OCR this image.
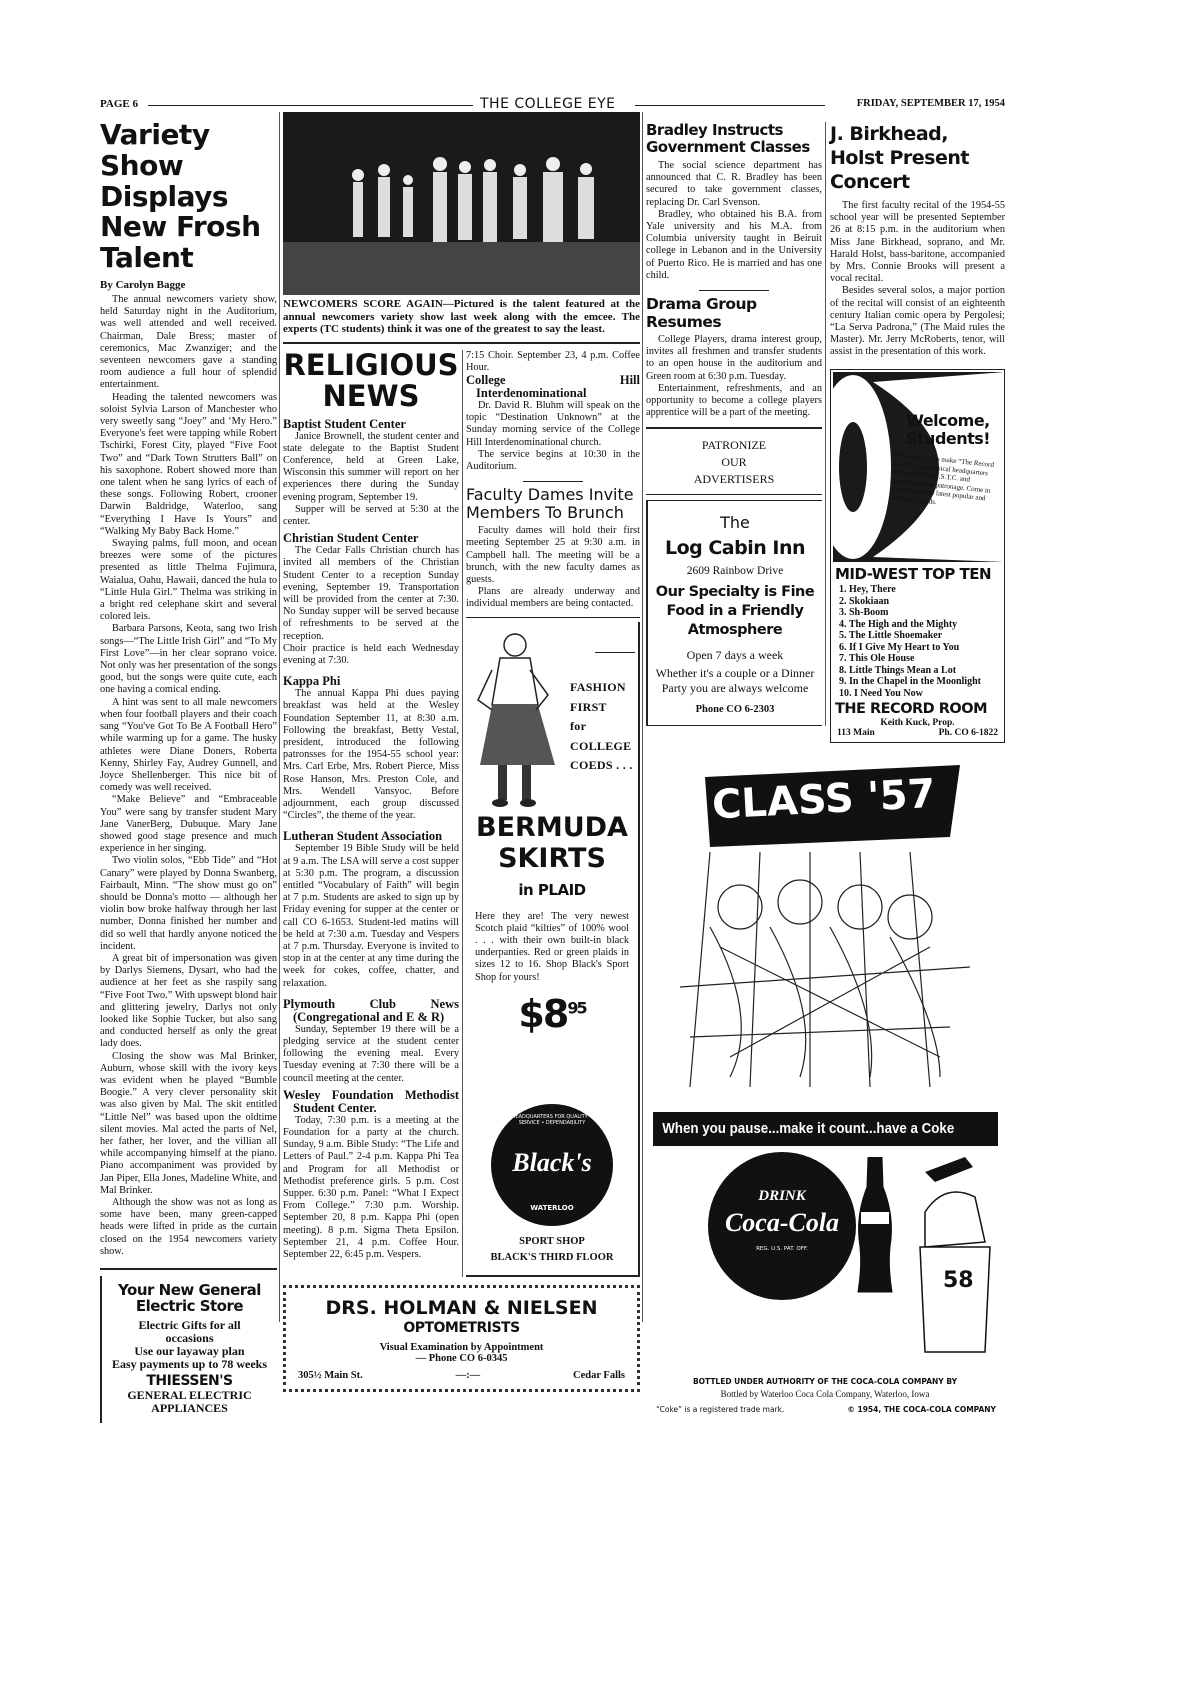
PAGE 6	THE COLLEGE EYE	FRIDAY, SEPTEMBER 17, 1954
Variety Show Displays New Frosh Talent
By Carolyn Bagge

The annual newcomers variety show, held Saturday night in the Auditorium, was well attended and well received. Chairman, Dale Bress; master of ceremonics, Mac Zwanziger; and the seventeen newcomers gave a standing room audience a full hour of splendid entertainment.

Heading the talented newcomers was soloist Sylvia Larson of Manchester who very sweetly sang “Joey” and ‘My Hero.” Everyone's feet were tapping while Robert Tschirki, Forest City, played “Five Foot Two” and “Dark Town Strutters Ball” on his saxophone. Robert showed more than one talent when he sang lyrics of each of these songs. Following Robert, crooner Darwin Baldridge, Waterloo, sang “Everything I Have Is Yours” and “Walking My Baby Back Home.”

Swaying palms, full moon, and ocean breezes were some of the pictures presented as little Thelma Fujimura, Waialua, Oahu, Hawaii, danced the hula to “Little Hula Girl.” Thelma was striking in a bright red celephane skirt and several colored leis.

Barbara Parsons, Keota, sang two Irish songs—“The Little Irish Girl” and “To My First Love”—in her clear soprano voice. Not only was her presentation of the songs good, but the songs were quite cute, each one having a comical ending.

A hint was sent to all male newcomers when four football players and their coach sang “You've Got To Be A Football Hero” while warming up for a game. The husky athletes were Diane Doners, Roberta Kenny, Shirley Fay, Audrey Gunnell, and Joyce Shellenberger. This nice bit of comedy was well received.

“Make Believe” and “Embraceable You” were sang by transfer student Mary Jane VanerBerg, Dubuque. Mary Jane showed good stage presence and much experience in her singing.

Two violin solos, “Ebb Tide” and “Hot Canary” were played by Donna Swanberg, Fairbault, Minn. “The show must go on” should be Donna's motto — although her violin bow broke halfway through her last number, Donna finished her number and did so well that hardly anyone noticed the incident.

A great bit of impersonation was given by Darlys Siemens, Dysart, who had the audience at her feet as she raspily sang “Five Foot Two.” With upswept blond hair and glittering jewelry, Darlys not only looked like Sophie Tucker, but also sang and conducted herself as only the great lady does.

Closing the show was Mal Brinker, Auburn, whose skill with the ivory keys was evident when he played “Bumble Boogie.” A very clever personality skit was also given by Mal. The skit entitled “Little Nel” was based upon the oldtime silent movies. Mal acted the parts of Nel, her father, her lover, and the villian all while accompanying himself at the piano. Piano accompaniment was provided by Jan Piper, Ella Jones, Madeline White, and Mal Brinker.

Although the show was not as long as some have been, many green-capped heads were lifted in pride as the curtain closed on the 1954 newcomers variety show.

Your New General Electric Store
Electric Gifts for all occasions
Use our layaway plan
Easy payments up to 78 weeks
THIESSEN'S
GENERAL ELECTRIC APPLIANCES
NEWCOMERS SCORE AGAIN—Pictured is the talent featured at the annual newcomers variety show last week along with the emcee. The experts (TC students) think it was one of the greatest to say the least.
RELIGIOUS NEWS
Baptist Student Center

Janice Brownell, the student center and state delegate to the Baptist Student Conference, held at Green Lake, Wisconsin this summer will report on her experiences there during the Sunday evening program, September 19.

Supper will be served at 5:30 at the center.

Christian Student Center

The Cedar Falls Christian church has invited all members of the Christian Student Center to a reception Sunday evening, September 19. Transportation will be provided from the center at 7:30. No Sunday supper will be served because of refreshments to be served at the reception.

Choir practice is held each Wednesday evening at 7:30.

Kappa Phi

The annual Kappa Phi dues paying breakfast was held at the Wesley Foundation September 11, at 8:30 a.m. Following the breakfast, Betty Vestal, president, introduced the following patronsses for the 1954-55 school year: Mrs. Carl Erbe, Mrs. Robert Pierce, Miss Rose Hanson, Mrs. Preston Cole, and Mrs. Wendell Vansyoc. Before adjournment, each group discussed “Circles”, the theme of the year.

Lutheran Student Association

September 19 Bible Study will be held at 9 a.m. The LSA will serve a cost supper at 5:30 p.m. The program, a discussion entitled “Vocabulary of Faith” will begin at 7 p.m. Students are asked to sign up by Friday evening for supper at the center or call CO 6-1653. Student-led matins will be held at 7:30 a.m. Tuesday and Vespers at 7 p.m. Thursday. Everyone is invited to stop in at the center at any time during the week for cokes, coffee, chatter, and relaxation.

Plymouth Club News (Congregational and E & R)

Sunday, September 19 there will be a pledging service at the student center following the evening meal. Every Tuesday evening at 7:30 there will be a council meeting at the center.

Wesley Foundation Methodist Student Center.

Today, 7:30 p.m. is a meeting at the Foundation for a party at the church. Sunday, 9 a.m. Bible Study: “The Life and Letters of Paul.” 2-4 p.m. Kappa Phi Tea and Program for all Methodist or Methodist preference girls. 5 p.m. Cost Supper. 6:30 p.m. Panel: “What I Expect From College.” 7:30 p.m. Worship. September 20, 8 p.m. Kappa Phi (open meeting). 8 p.m. Sigma Theta Epsilon. September 21, 4 p.m. Coffee Hour. September 22, 6:45 p.m. Vespers.

7:15 Choir. September 23, 4 p.m. Coffee Hour.

College Hill Interdenominational

Dr. David R. Bluhm will speak on the topic “Destination Unknown” at the Sunday morning service of the College Hill Interdenominational church.

The service begins at 10:30 in the Auditorium.

Faculty Dames Invite Members To Brunch

Faculty dames will hold their first meeting September 25 at 9:30 a.m. in Campbell hall. The meeting will be a brunch, with the new faculty dames as guests.

Plans are already underway and individual members are being contacted.

FASHION
FIRST
for
COLLEGE
COEDS . . .
BERMUDA SKIRTS
in PLAID
Here they are! The very newest Scotch plaid “kilties” of 100% wool . . . with their own built-in black underpanties. Red or green plaids in sizes 12 to 16. Shop Black's Sport Shop for yours!
$\$8^{95}$
HEADQUARTERS FOR QUALITY • SERVICE • DEPENDABILITY
Black's
WATERLOO
SPORT SHOP
BLACK'S THIRD FLOOR
DRS. HOLMAN & NIELSEN
OPTOMETRISTS
Visual Examination by Appointment
— Phone CO 6-0345
305½ Main St.	—:—	Cedar Falls
Bradley Instructs Government Classes

The social science department has announced that C. R. Bradley has been secured to take government classes, replacing Dr. Carl Svenson.

Bradley, who obtained his B.A. from Yale university and his M.A. from Columbia university taught in Beiruit college in Lebanon and in the University of Puerto Rico. He is married and has one child.

Drama Group Resumes

College Players, drama interest group, invites all freshmen and transfer students to an open house in the auditorium and Green room at 6:30 p.m. Tuesday.

Entertainment, refreshments, and an opportunity to become a college players apprentice will be a part of the meeting.

PATRONIZE
OUR
ADVERTISERS
The
Log Cabin Inn
2609 Rainbow Drive
Our Specialty is Fine Food in a Friendly Atmosphere
Open 7 days a week
Whether it's a couple or a Dinner Party you are always welcome
Phone CO 6-2303
J. Birkhead, Holst Present Concert

The first faculty recital of the 1954-55 school year will be presented September 26 at 8:15 p.m. in the auditorium when Miss Jane Birkhead, soprano, and Mr. Harald Holst, bass-baritone, accompanied by Mrs. Connie Brooks will present a vocal recital.

Besides several solos, a major portion of the recital will consist of an eighteenth century Italian comic opera by Pergolesi; “La Serva Padrona,” (The Maid rules the Master). Mr. Jerry McRoberts, tenor, will assist in the presentation of this work.

Welcome, Students!
We invite you to make “The Record Room” your musical headquarters while attending I.S.T.C. and appreciate your patronage. Come in and listen to the latest popular and classical records.
MID-WEST TOP TEN
1. Hey, There
2. Skokiaan
3. Sh-Boom
4. The High and the Mighty
5. The Little Shoemaker
6. If I Give My Heart to You
7. This Ole House
8. Little Things Mean a Lot
9. In the Chapel in the Moonlight
10. I Need You Now
THE RECORD ROOM
Keith Kuck, Prop.
113 Main	Ph. CO 6-1822
CLASS '57
When you pause...make it count...have a Coke
DRINK
Coca-Cola
REG. U.S. PAT. OFF.
58
BOTTLED UNDER AUTHORITY OF THE COCA-COLA COMPANY BY
Bottled by Waterloo Coca Cola Company, Waterloo, Iowa
“Coke” is a registered trade mark.	© 1954, THE COCA-COLA COMPANY
